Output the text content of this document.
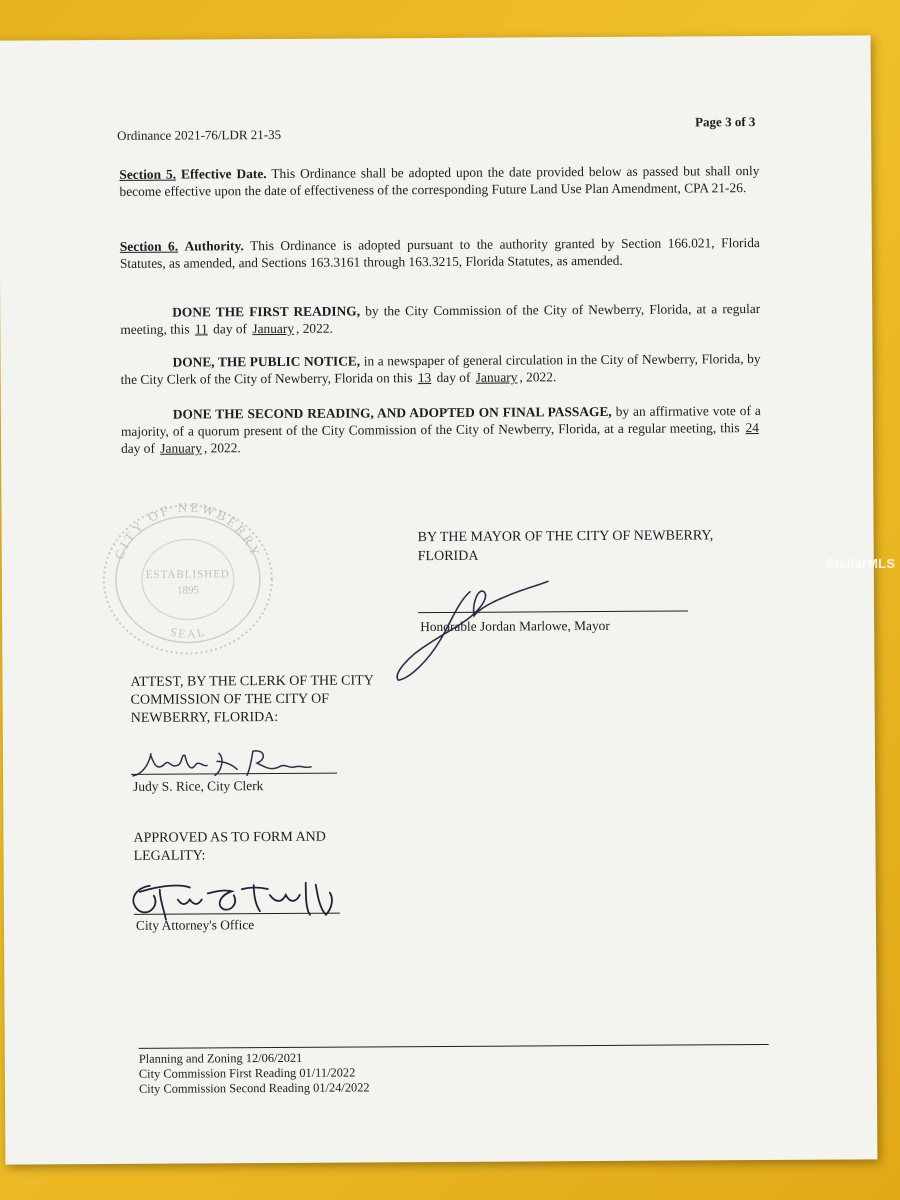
Ordinance 2021-76/LDR 21-35
Page 3 of 3
Section 5. Effective Date. This Ordinance shall be adopted upon the date provided below as passed but shall only become effective upon the date of effectiveness of the corresponding Future Land Use Plan Amendment, CPA 21-26.
Section 6. Authority. This Ordinance is adopted pursuant to the authority granted by Section 166.021, Florida Statutes, as amended, and Sections 163.3161 through 163.3215, Florida Statutes, as amended.
DONE THE FIRST READING, by the City Commission of the City of Newberry, Florida, at a regular meeting, this 11 day of January , 2022.
DONE, THE PUBLIC NOTICE, in a newspaper of general circulation in the City of Newberry, Florida, by the City Clerk of the City of Newberry, Florida on this 13 day of January , 2022.
DONE THE SECOND READING, AND ADOPTED ON FINAL PASSAGE, by an affirmative vote of a majority, of a quorum present of the City Commission of the City of Newberry, Florida, at a regular meeting, this 24 day of January , 2022.
CITY OF NEWBERRY
SEAL
ESTABLISHED
1895
BY THE MAYOR OF THE CITY OF NEWBERRY, FLORIDA
Honorable Jordan Marlowe, Mayor
ATTEST, BY THE CLERK OF THE CITY COMMISSION OF THE CITY OF NEWBERRY, FLORIDA:
Judy S. Rice, City Clerk
APPROVED AS TO FORM AND LEGALITY:
City Attorney's Office
Planning and Zoning 12/06/2021
City Commission First Reading 01/11/2022
City Commission Second Reading 01/24/2022
StellarMLS
